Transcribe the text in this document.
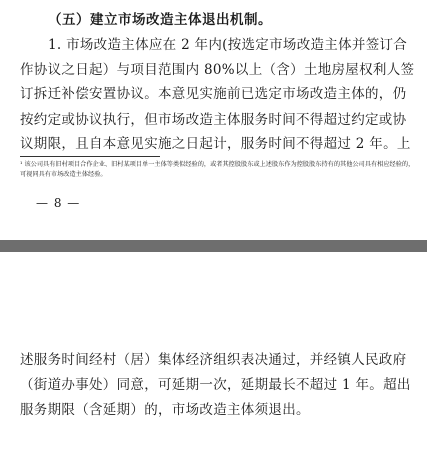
（五）建立市场改造主体退出机制。
1. 市场改造主体应在 2 年内(按选定市场改造主体并签订合
作协议之日起）与项目范围内 80%以上（含）土地房屋权利人签
订拆迁补偿安置协议。本意见实施前已选定市场改造主体的，仍
按约定或协议执行，但市场改造主体服务时间不得超过约定或协
议期限，且自本意见实施之日起计，服务时间不得超过 2 年。上
¹ 该公司具有旧村项目合作企业、旧村某项目单一主体等类似经验的，或者其控股股东或上述股东作为控股股东持有的其他公司具有相应经验的，可视同具有市场改造主体经验。
— 8 —
述服务时间经村（居）集体经济组织表决通过，并经镇人民政府
（街道办事处）同意，可延期一次，延期最长不超过 1 年。超出
服务期限（含延期）的，市场改造主体须退出。
